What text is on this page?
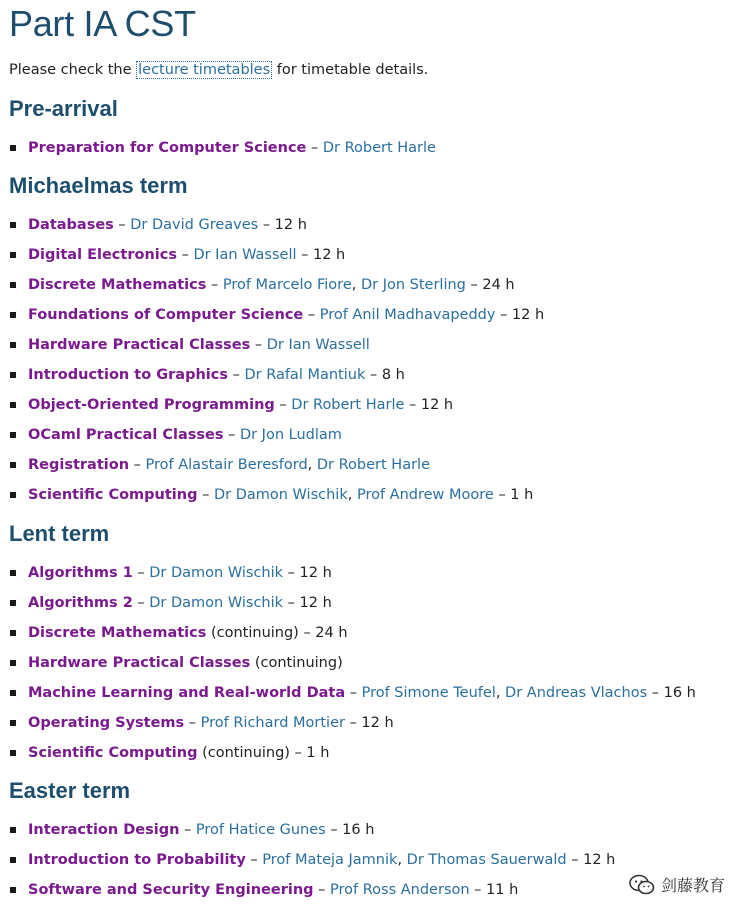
Part IA CST
Please check the lecture timetables for timetable details.
Pre-arrival
Preparation for Computer Science – Dr Robert Harle
Michaelmas term
Databases – Dr David Greaves – 12 h
Digital Electronics – Dr Ian Wassell – 12 h
Discrete Mathematics – Prof Marcelo Fiore, Dr Jon Sterling – 24 h
Foundations of Computer Science – Prof Anil Madhavapeddy – 12 h
Hardware Practical Classes – Dr Ian Wassell
Introduction to Graphics – Dr Rafal Mantiuk – 8 h
Object-Oriented Programming – Dr Robert Harle – 12 h
OCaml Practical Classes – Dr Jon Ludlam
Registration – Prof Alastair Beresford, Dr Robert Harle
Scientific Computing – Dr Damon Wischik, Prof Andrew Moore – 1 h
Lent term
Algorithms 1 – Dr Damon Wischik – 12 h
Algorithms 2 – Dr Damon Wischik – 12 h
Discrete Mathematics (continuing) – 24 h
Hardware Practical Classes (continuing)
Machine Learning and Real-world Data – Prof Simone Teufel, Dr Andreas Vlachos – 16 h
Operating Systems – Prof Richard Mortier – 12 h
Scientific Computing (continuing) – 1 h
Easter term
Interaction Design – Prof Hatice Gunes – 16 h
Introduction to Probability – Prof Mateja Jamnik, Dr Thomas Sauerwald – 12 h
Software and Security Engineering – Prof Ross Anderson – 11 h	剑藤教育
